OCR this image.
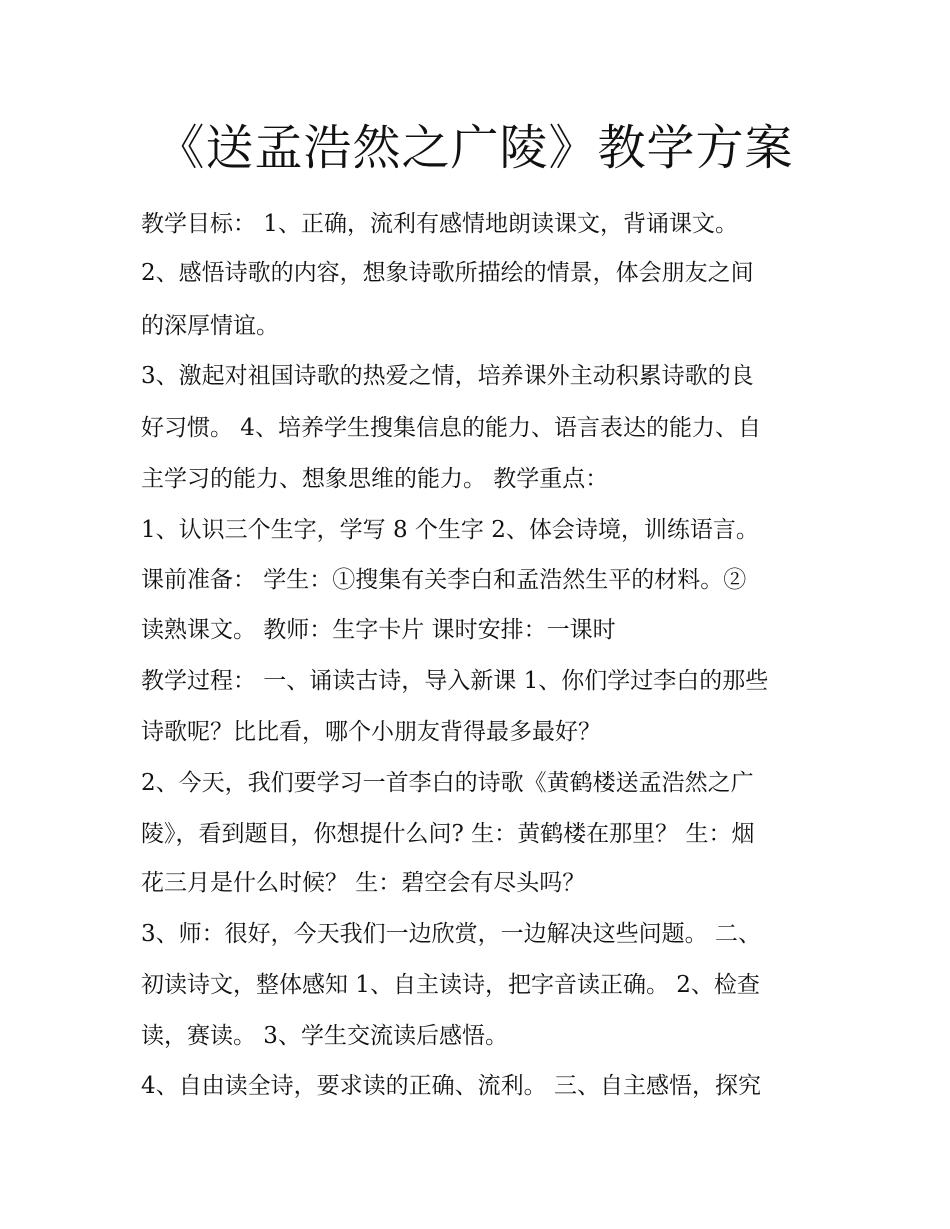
《送孟浩然之广陵》教学方案

教学目标： 1、正确，流利有感情地朗读课文，背诵课文。

2、感悟诗歌的内容，想象诗歌所描绘的情景，体会朋友之间

的深厚情谊。

3、激起对祖国诗歌的热爱之情，培养课外主动积累诗歌的良

好习惯。 4、培养学生搜集信息的能力、语言表达的能力、自

主学习的能力、想象思维的能力。 教学重点：

1、认识三个生字，学写 8 个生字 2、体会诗境，训练语言。

课前准备： 学生：①搜集有关李白和孟浩然生平的材料。②

读熟课文。 教师：生字卡片 课时安排：一课时

教学过程： 一、诵读古诗，导入新课 1、你们学过李白的那些

诗歌呢？比比看，哪个小朋友背得最多最好？

2、今天，我们要学习一首李白的诗歌《黄鹤楼送孟浩然之广

陵》，看到题目，你想提什么问? 生：黄鹤楼在那里？ 生：烟

花三月是什么时候？ 生：碧空会有尽头吗？

3、师：很好，今天我们一边欣赏，一边解决这些问题。 二、

初读诗文，整体感知 1、自主读诗，把字音读正确。 2、检查

读，赛读。 3、学生交流读后感悟。

4、自由读全诗，要求读的正确、流利。 三、自主感悟，探究
